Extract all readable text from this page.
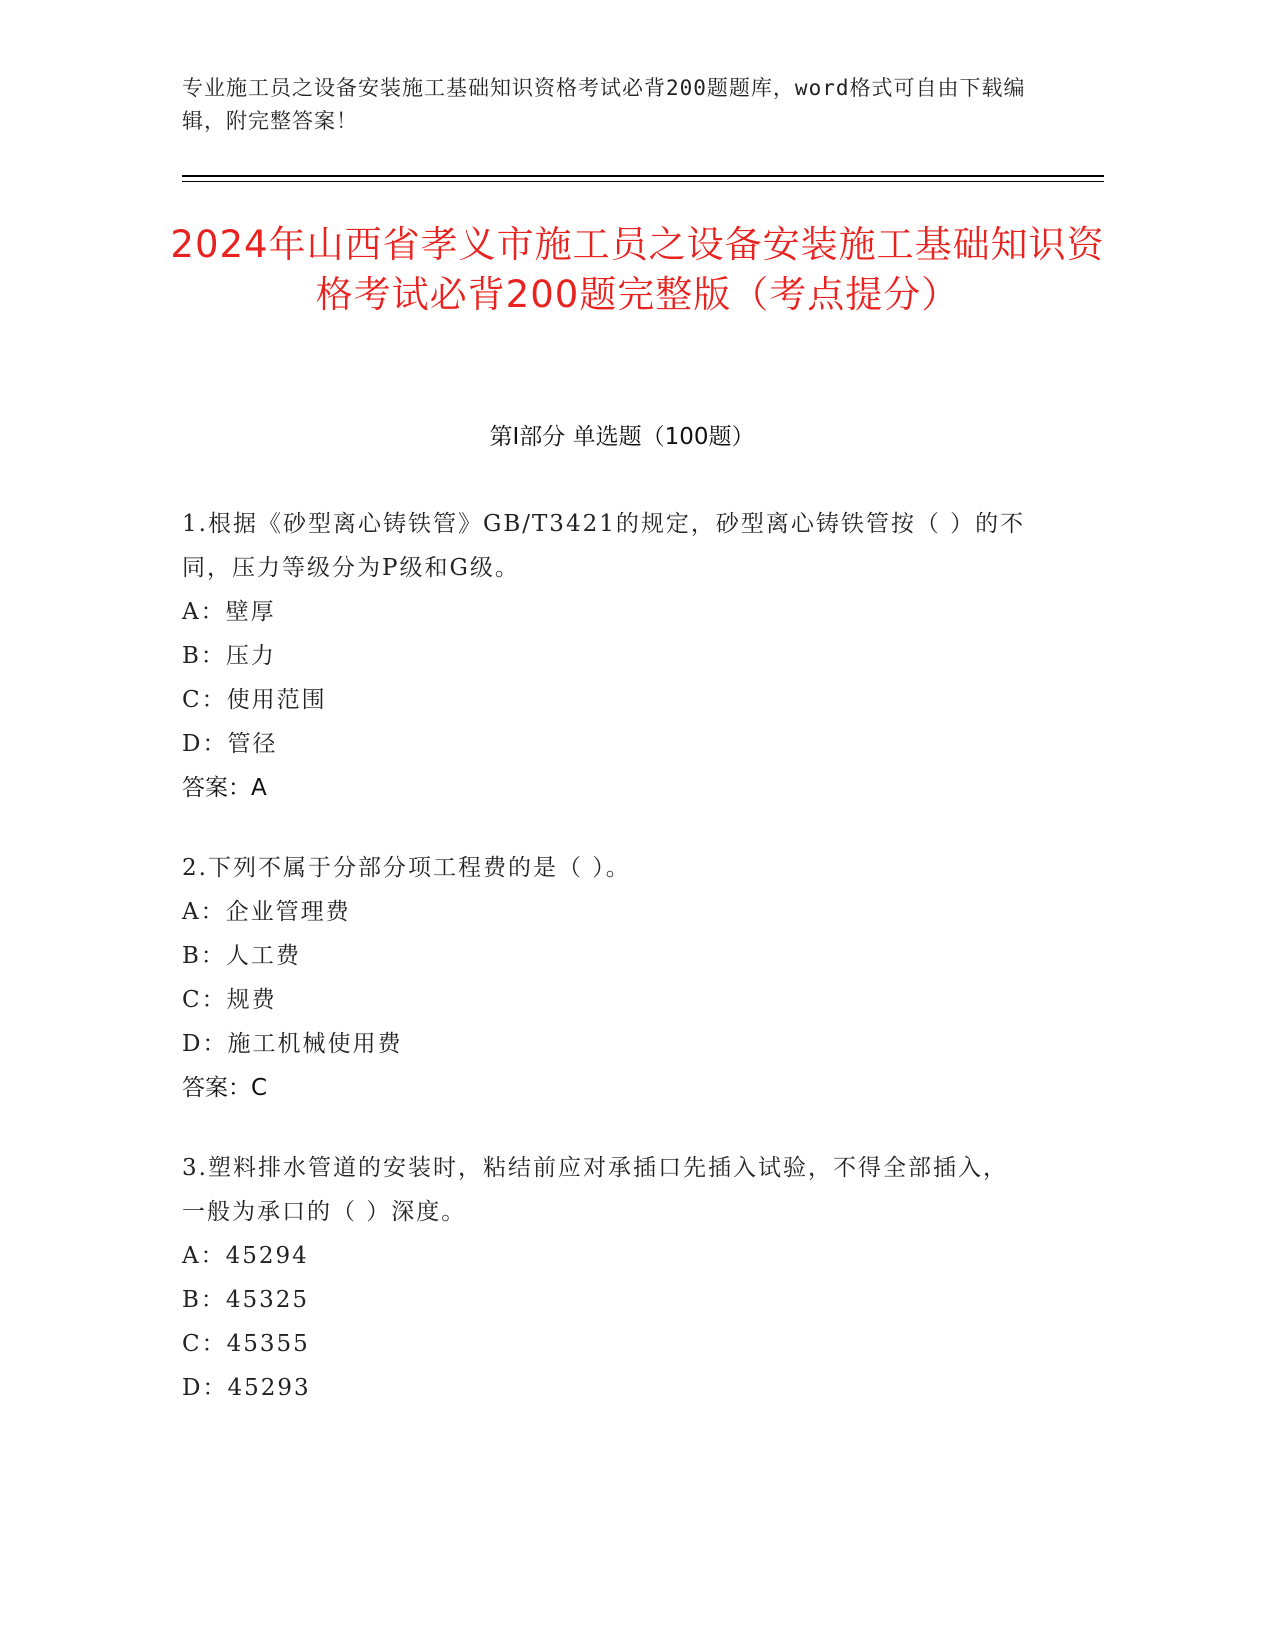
专业施工员之设备安装施工基础知识资格考试必背200题题库，word格式可自由下载编辑，附完整答案！
2024年山西省孝义市施工员之设备安装施工基础知识资格考试必背200题完整版（考点提分）
第Ⅰ部分 单选题（100题）
1.根据《砂型离心铸铁管》GB/T3421的规定，砂型离心铸铁管按（ ）的不同，压力等级分为P级和G级。
A：壁厚
B：压力
C：使用范围
D：管径
答案：A
2.下列不属于分部分项工程费的是（ ）。
A：企业管理费
B：人工费
C：规费
D：施工机械使用费
答案：C
3.塑料排水管道的安装时，粘结前应对承插口先插入试验，不得全部插入，一般为承口的（ ）深度。
A：45294
B：45325
C：45355
D：45293
